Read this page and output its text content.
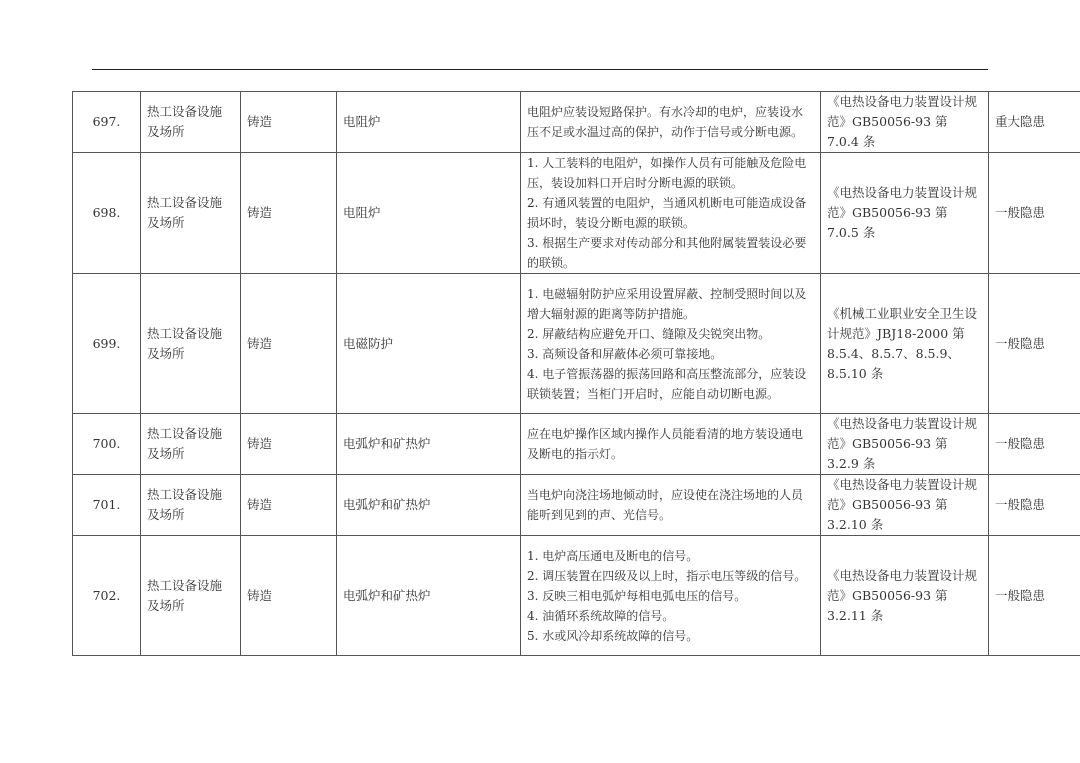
697.	热工设备设施及场所	铸造	电阻炉	电阻炉应装设短路保护。有水冷却的电炉，应装设水压不足或水温过高的保护，动作于信号或分断电源。	《电热设备电力装置设计规范》GB50056-93 第 7.0.4 条	重大隐患
698.	热工设备设施及场所	铸造	电阻炉	1. 人工装料的电阻炉，如操作人员有可能触及危险电压，装设加料口开启时分断电源的联锁。
2. 有通风装置的电阻炉，当通风机断电可能造成设备损坏时，装设分断电源的联锁。
3. 根据生产要求对传动部分和其他附属装置装设必要的联锁。	《电热设备电力装置设计规范》GB50056-93 第 7.0.5 条	一般隐患
699.	热工设备设施及场所	铸造	电磁防护	1. 电磁辐射防护应采用设置屏蔽、控制受照时间以及增大辐射源的距离等防护措施。
2. 屏蔽结构应避免开口、缝隙及尖锐突出物。
3. 高频设备和屏蔽体必须可靠接地。
4. 电子管振荡器的振荡回路和高压整流部分，应装设联锁装置；当柜门开启时，应能自动切断电源。	《机械工业职业安全卫生设计规范》JBJ18-2000 第 8.5.4、8.5.7、8.5.9、8.5.10 条	一般隐患
700.	热工设备设施及场所	铸造	电弧炉和矿热炉	应在电炉操作区域内操作人员能看清的地方装设通电及断电的指示灯。	《电热设备电力装置设计规范》GB50056-93 第 3.2.9 条	一般隐患
701.	热工设备设施及场所	铸造	电弧炉和矿热炉	当电炉向浇注场地倾动时，应设使在浇注场地的人员能听到见到的声、光信号。	《电热设备电力装置设计规范》GB50056-93 第 3.2.10 条	一般隐患
702.	热工设备设施及场所	铸造	电弧炉和矿热炉	1. 电炉高压通电及断电的信号。
2. 调压装置在四级及以上时，指示电压等级的信号。
3. 反映三相电弧炉每相电弧电压的信号。
4. 油循环系统故障的信号。
5. 水或风冷却系统故障的信号。	《电热设备电力装置设计规范》GB50056-93 第 3.2.11 条	一般隐患
